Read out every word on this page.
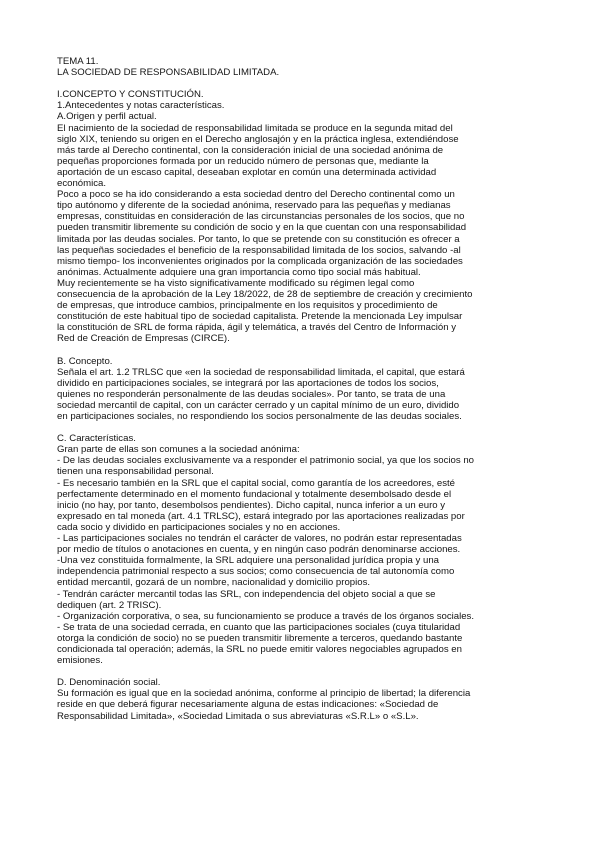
TEMA 11.
LA SOCIEDAD DE RESPONSABILIDAD LIMITADA.
I.CONCEPTO Y CONSTITUCIÓN.
1.Antecedentes y notas características.
A.Origen y perfil actual.
El nacimiento de la sociedad de responsabilidad limitada se produce en la segunda mitad del
siglo XIX, teniendo su origen en el Derecho anglosajón y en la práctica inglesa, extendiéndose
más tarde al Derecho continental, con la consideración inicial de una sociedad anónima de
pequeñas proporciones formada por un reducido número de personas que, mediante la
aportación de un escaso capital, deseaban explotar en común una determinada actividad
económica.
Poco a poco se ha ido considerando a esta sociedad dentro del Derecho continental como un
tipo autónomo y diferente de la sociedad anónima, reservado para las pequeñas y medianas
empresas, constituidas en consideración de las circunstancias personales de los socios, que no
pueden transmitir libremente su condición de socio y en la que cuentan con una responsabilidad
limitada por las deudas sociales. Por tanto, lo que se pretende con su constitución es ofrecer a
las pequeñas sociedades el beneficio de la responsabilidad limitada de los socios, salvando -al
mismo tiempo- los inconvenientes originados por la complicada organización de las sociedades
anónimas. Actualmente adquiere una gran importancia como tipo social más habitual.
Muy recientemente se ha visto significativamente modificado su régimen legal como
consecuencia de la aprobación de la Ley 18/2022, de 28 de septiembre de creación y crecimiento
de empresas, que introduce cambios, principalmente en los requisitos y procedimiento de
constitución de este habitual tipo de sociedad capitalista. Pretende la mencionada Ley impulsar
la constitución de SRL de forma rápida, ágil y telemática, a través del Centro de Información y
Red de Creación de Empresas (CIRCE).
B. Concepto.
Señala el art. 1.2 TRLSC que «en la sociedad de responsabilidad limitada, el capital, que estará
dividido en participaciones sociales, se integrará por las aportaciones de todos los socios,
quienes no responderán personalmente de las deudas sociales». Por tanto, se trata de una
sociedad mercantil de capital, con un carácter cerrado y un capital mínimo de un euro, dividido
en participaciones sociales, no respondiendo los socios personalmente de las deudas sociales.
C. Características.
Gran parte de ellas son comunes a la sociedad anónima:
- De las deudas sociales exclusivamente va a responder el patrimonio social, ya que los socios no
tienen una responsabilidad personal.
- Es necesario también en la SRL que el capital social, como garantía de los acreedores, esté
perfectamente determinado en el momento fundacional y totalmente desembolsado desde el
inicio (no hay, por tanto, desembolsos pendientes). Dicho capital, nunca inferior a un euro y
expresado en tal moneda (art. 4.1 TRLSC), estará integrado por las aportaciones realizadas por
cada socio y dividido en participaciones sociales y no en acciones.
- Las participaciones sociales no tendrán el carácter de valores, no podrán estar representadas
por medio de títulos o anotaciones en cuenta, y en ningún caso podrán denominarse acciones.
-Una vez constituida formalmente, la SRL adquiere una personalidad jurídica propia y una
independencia patrimonial respecto a sus socios; como consecuencia de tal autonomía como
entidad mercantil, gozará de un nombre, nacionalidad y domicilio propios.
- Tendrán carácter mercantil todas las SRL, con independencia del objeto social a que se
dediquen (art. 2 TRISC).
- Organización corporativa, o sea, su funcionamiento se produce a través de los órganos sociales.
- Se trata de una sociedad cerrada, en cuanto que las participaciones sociales (cuya titularidad
otorga la condición de socio) no se pueden transmitir libremente a terceros, quedando bastante
condicionada tal operación; además, la SRL no puede emitir valores negociables agrupados en
emisiones.
D. Denominación social.
Su formación es igual que en la sociedad anónima, conforme al principio de libertad; la diferencia
reside en que deberá figurar necesariamente alguna de estas indicaciones: «Sociedad de
Responsabilidad Limitada», «Sociedad Limitada o sus abreviaturas «S.R.L» o «S.L».
